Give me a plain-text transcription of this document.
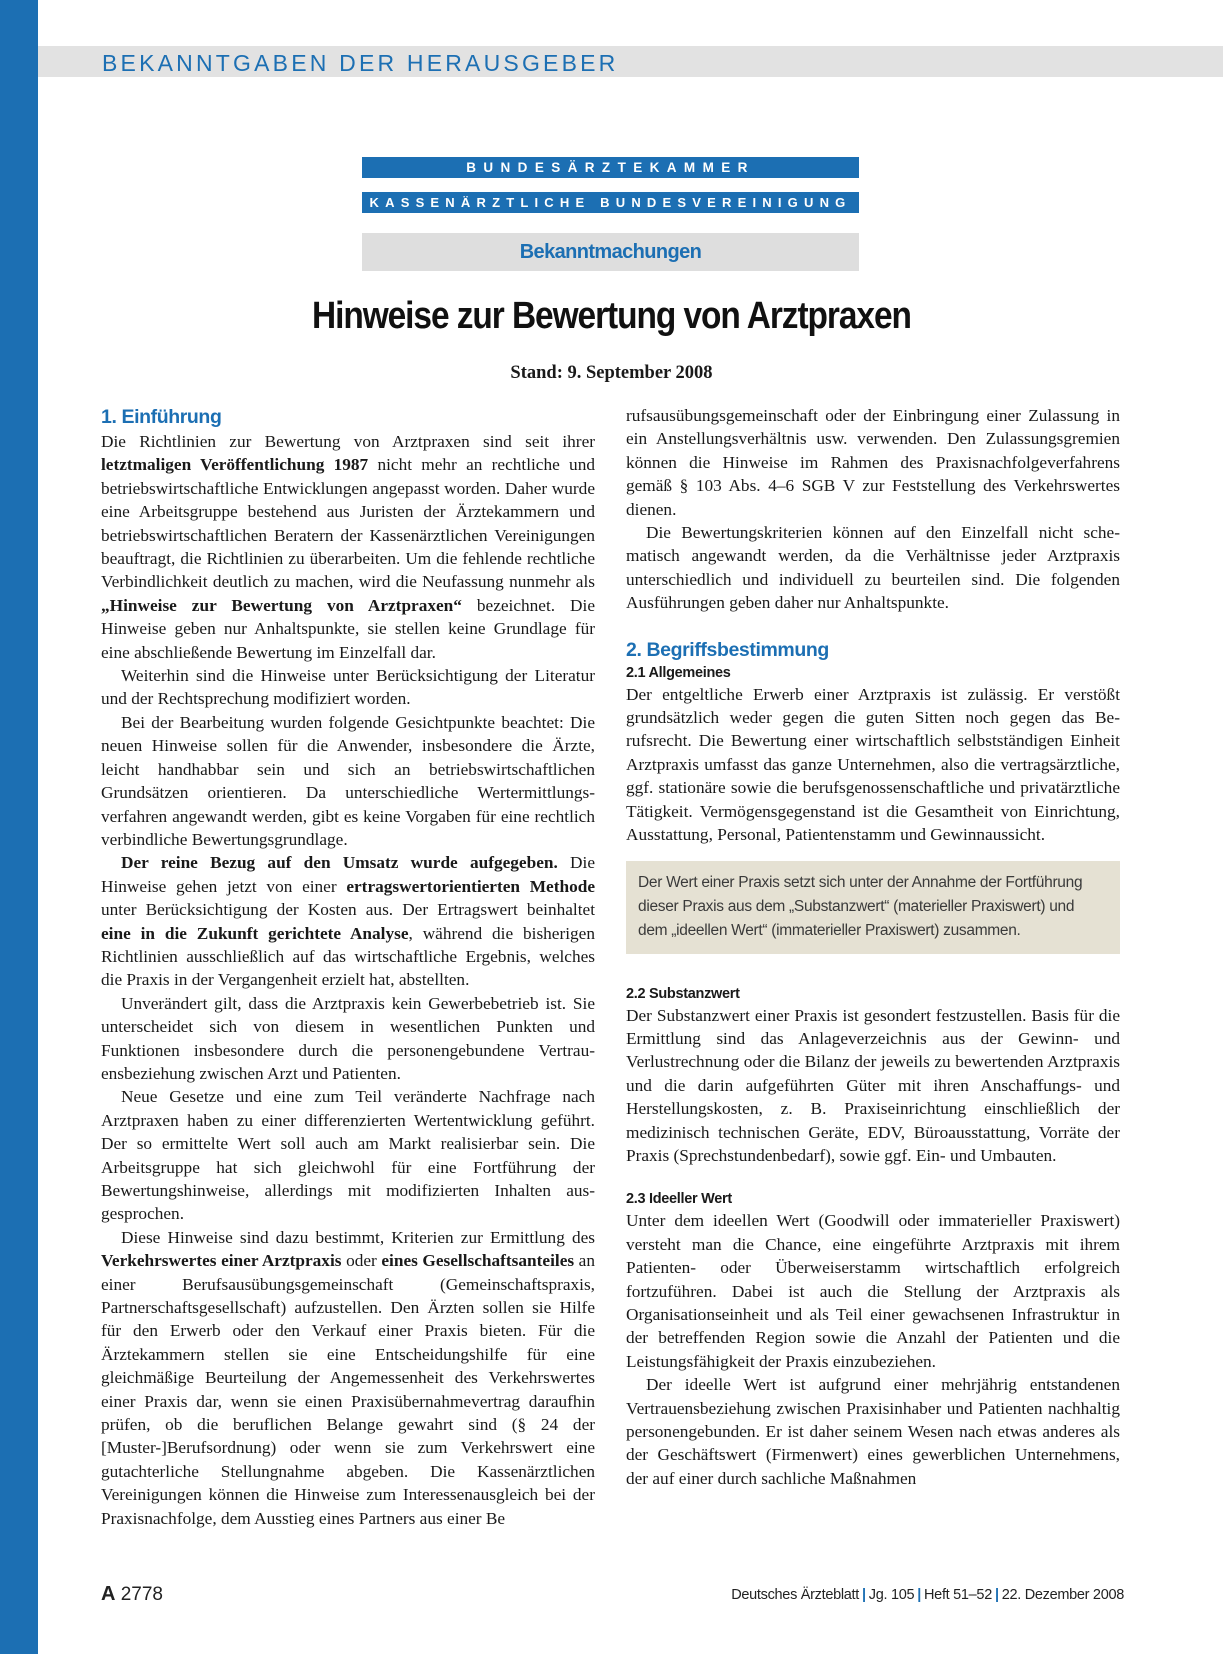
BEKANNTGABEN DER HERAUSGEBER
BUNDESÄRZTEKAMMER
KASSENÄRZTLICHE BUNDESVEREINIGUNG
Bekanntmachungen
Hinweise zur Bewertung von Arztpraxen
Stand: 9. September 2008
1. Einführung

Die Richtlinien zur Bewertung von Arztpraxen sind seit ihrer letztmaligen Veröffentlichung 1987 nicht mehr an rechtliche und betriebswirtschaftliche Entwicklungen angepasst worden. Daher wurde eine Arbeitsgruppe bestehend aus Juristen der Ärztekammern und betriebswirtschaftlichen Beratern der Kassenärztlichen Vereinigungen beauftragt, die Richtlinien zu überarbeiten. Um die fehlende rechtliche Verbindlichkeit deutlich zu machen, wird die Neufassung nunmehr als „Hinweise zur Bewertung von Arztpraxen“ bezeichnet. Die Hinweise geben nur Anhaltspunkte, sie stellen keine Grundlage für eine abschließende Bewertung im Einzelfall dar.

Weiterhin sind die Hinweise unter Berücksichtigung der Literatur und der Rechtsprechung modifiziert worden.

Bei der Bearbeitung wurden folgende Gesichtpunkte beachtet: Die neuen Hinweise sollen für die Anwender, insbesondere die Ärzte, leicht handhabbar sein und sich an betriebswirtschaftlichen Grundsätzen orientieren. Da unterschiedliche Wertermittlungsverfahren angewandt werden, gibt es keine Vorgaben für eine rechtlich verbindliche Bewertungsgrundlage.

Der reine Bezug auf den Umsatz wurde aufgegeben. Die Hinweise gehen jetzt von einer ertragswertorientierten Methode unter Berücksichtigung der Kosten aus. Der Ertragswert beinhaltet eine in die Zukunft gerichtete Analyse, während die bisherigen Richtlinien ausschließlich auf das wirtschaftliche Ergebnis, welches die Praxis in der Vergangenheit erzielt hat, abstellten.

Unverändert gilt, dass die Arztpraxis kein Gewerbebetrieb ist. Sie unterscheidet sich von diesem in wesentlichen Punkten und Funktionen insbesondere durch die personengebundene Vertrauensbeziehung zwischen Arzt und Patienten.

Neue Gesetze und eine zum Teil veränderte Nachfrage nach Arztpraxen haben zu einer differenzierten Wertentwicklung geführt. Der so ermittelte Wert soll auch am Markt realisierbar sein. Die Arbeitsgruppe hat sich gleichwohl für eine Fortführung der Bewertungshinweise, allerdings mit modifizierten Inhalten ausgesprochen.

Diese Hinweise sind dazu bestimmt, Kriterien zur Ermittlung des Verkehrswertes einer Arztpraxis oder eines Gesellschaftsanteiles an einer Berufsausübungsgemeinschaft (Gemeinschaftspraxis, Partnerschaftsgesellschaft) aufzustellen. Den Ärzten sollen sie Hilfe für den Erwerb oder den Verkauf einer Praxis bieten. Für die Ärztekammern stellen sie eine Entscheidungshilfe für eine gleichmäßige Beurteilung der Angemessenheit des Verkehrswertes einer Praxis dar, wenn sie einen Praxisübernahmevertrag daraufhin prüfen, ob die beruflichen Belange gewahrt sind (§ 24 der [Muster-]Berufsordnung) oder wenn sie zum Verkehrswert eine gutachterliche Stellungnahme abgeben. Die Kassenärztlichen Vereinigungen können die Hinweise zum Interessenausgleich bei der Praxisnachfolge, dem Ausstieg eines Partners aus einer Be

rufsausübungsgemeinschaft oder der Einbringung einer Zulassung in ein Anstellungsverhältnis usw. verwenden. Den Zulassungsgremien können die Hinweise im Rahmen des Praxisnachfolgeverfahrens gemäß § 103 Abs. 4–6 SGB V zur Feststellung des Verkehrswertes dienen.

Die Bewertungskriterien können auf den Einzelfall nicht schematisch angewandt werden, da die Verhältnisse jeder Arztpraxis unterschiedlich und individuell zu beurteilen sind. Die folgenden Ausführungen geben daher nur Anhaltspunkte.

2. Begriffsbestimmung
2.1 Allgemeines

Der entgeltliche Erwerb einer Arztpraxis ist zulässig. Er verstößt grundsätzlich weder gegen die guten Sitten noch gegen das Berufsrecht. Die Bewertung einer wirtschaftlich selbstständigen Einheit Arztpraxis umfasst das ganze Unternehmen, also die vertragsärztliche, ggf. stationäre sowie die berufsgenossenschaftliche und privatärztliche Tätigkeit. Vermögensgegenstand ist die Gesamtheit von Einrichtung, Ausstattung, Personal, Patientenstamm und Gewinnaussicht.

Der Wert einer Praxis setzt sich unter der Annahme der Fortführung dieser Praxis aus dem „Substanzwert“ (materieller Praxiswert) und dem „ideellen Wert“ (immaterieller Praxiswert) zusammen.
2.2 Substanzwert

Der Substanzwert einer Praxis ist gesondert festzustellen. Basis für die Ermittlung sind das Anlageverzeichnis aus der Gewinn- und Verlustrechnung oder die Bilanz der jeweils zu bewertenden Arztpraxis und die darin aufgeführten Güter mit ihren Anschaffungs- und Herstellungskosten, z. B. Praxiseinrichtung einschließlich der medizinisch technischen Geräte, EDV, Büroausstattung, Vorräte der Praxis (Sprechstundenbedarf), sowie ggf. Ein- und Umbauten.

2.3 Ideeller Wert

Unter dem ideellen Wert (Goodwill oder immaterieller Praxiswert) versteht man die Chance, eine eingeführte Arztpraxis mit ihrem Patienten- oder Überweiserstamm wirtschaftlich erfolgreich fortzuführen. Dabei ist auch die Stellung der Arztpraxis als Organisationseinheit und als Teil einer gewachsenen Infrastruktur in der betreffenden Region sowie die Anzahl der Patienten und die Leistungsfähigkeit der Praxis einzubeziehen.

Der ideelle Wert ist aufgrund einer mehrjährig entstandenen Vertrauensbeziehung zwischen Praxisinhaber und Patienten nachhaltig personengebunden. Er ist daher seinem Wesen nach etwas anderes als der Geschäftswert (Firmenwert) eines gewerblichen Unternehmens, der auf einer durch sachliche Maßnahmen

A 2778	Deutsches Ärzteblatt | Jg. 105 | Heft 51–52 | 22. Dezember 2008
